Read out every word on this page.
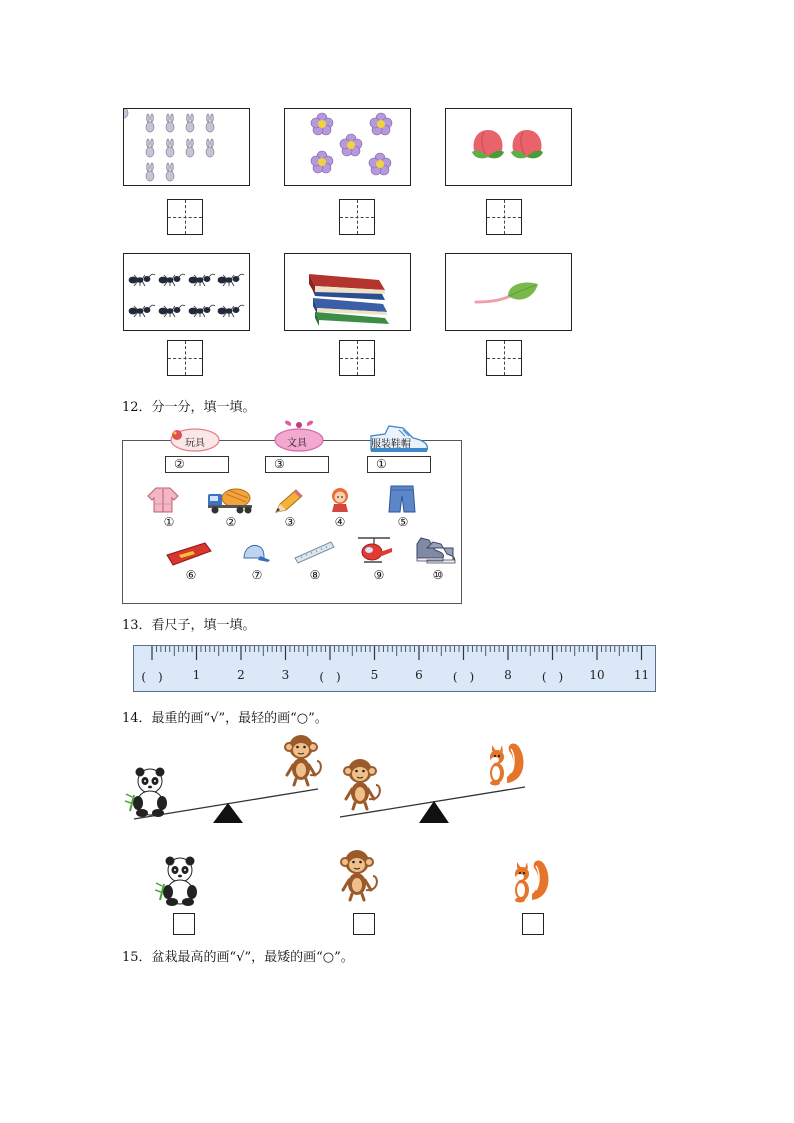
12．分一分，填一填。
玩具
②
文具
③
服装鞋帽
①
①	②	③	④	⑤
⑥	⑦	⑧	⑨	⑩
13．看尺子，填一填。
(　)	1	2	3	(　)	5	6	(　)	8	(　)	10 11
14．最重的画“√”，最轻的画“○”。
15．盆栽最高的画“√”，最矮的画“○”。
